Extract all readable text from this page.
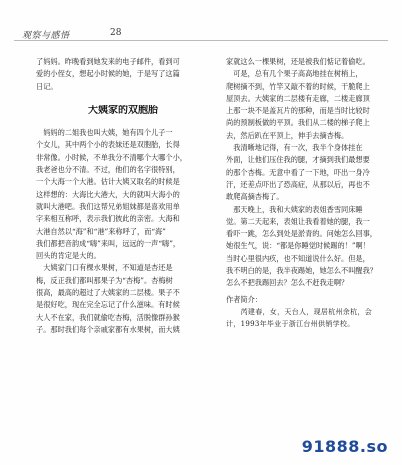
观察与感悟	28

了妈妈。昨晚看到她发来的电子邮件，看到可

爱的小侄女，想起小时候的她，于是写了这篇

日记。

大姨家的双胞胎

　妈妈的二姐我也叫大姨，她有四个儿子一

个女儿，其中两个小的表妹还是双胞胎，长得

非常像。小时候，不单我分不清哪个大哪个小，

我老爸也分不清。不过，他们的名字很特别，

一个大海一个大港。估计大姨又取名的时候是

这样想的：大海比大港大，大的就叫大海小的

就叫大港吧。我们这帮兄弟姐妹都是喜欢用单

字来相互称呼，表示我们彼此的亲密。大海和

大港自然以“海”和“港”来称呼了，而“海”

我们都把音韵成“嗨”来叫，远远的一声“嗨”，

回头的肯定是大的。

　大姨家门口有棵水果树，不知道是杏还是

梅，反正我们都叫那果子为“杏梅”。杏梅树

很高，最高的超过了大姨家的二层楼。果子不

是很好吃，现在完全忘记了什么滋味。有时候

大人不在家，我们就偷吃杏梅，活脱像群孙猴

子。那时我们每个亲戚家都有水果树，而大姨

家就这么一棵果树，还是被我们惦记着偷吃。

　可是，总有几个果子高高地挂在树梢上，

爬树摘不到，竹竿又敲不着的时候，干脆爬上

屋顶去。大姨家的二层楼有走廊，二楼走廊顶

上那一块不是盖瓦片的那种，而是当时比较时

尚的预制板做的平顶。我们从二楼的梯子爬上

去，然后趴在平顶上，伸手去摘杏梅。

　我清晰地记得，有一次，我半个身体挂在

外面，让他们压住我的腿，才摘到我们最想要

的那个杏梅。无意中看了一下地，吓出一身冷

汗，还差点吓出了恐高症，从那以后，再也不

敢爬高摘杏梅了。

　那天晚上，我和大姨家的表姐香雪同床睡

觉。第二天起来，表姐让我看着她的腿，我一

看吓一跳，怎么到处是淤青的。问她怎么回事，

她很生气，说：“都是你睡觉时候踢的！”啊！

当时心里很内疚，也不知道说什么好。但是，

我不明白的是，我半夜踢她，她怎么不叫醒我？

怎么不把我踢回去？怎么不赶我走啊？

作者简介：

　　芮建春，女，天台人，现居杭州余杭，会

计，1993年毕业于浙江台州供销学校。

91888.so
